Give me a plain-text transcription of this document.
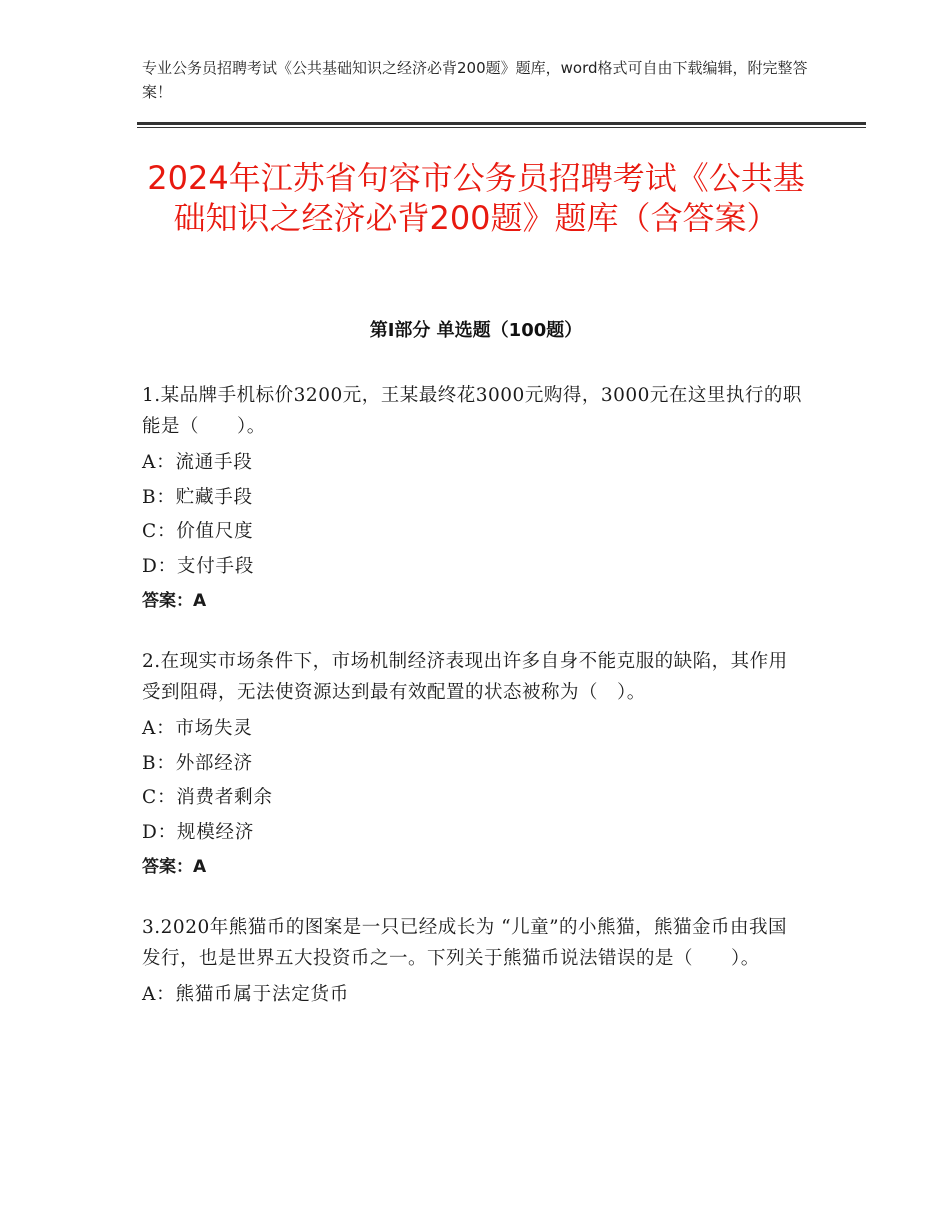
专业公务员招聘考试《公共基础知识之经济必背200题》题库，word格式可自由下载编辑，附完整答案！
2024年江苏省句容市公务员招聘考试《公共基础知识之经济必背200题》题库（含答案）
第Ⅰ部分 单选题（100题）

1.某品牌手机标价3200元，王某最终花3000元购得，3000元在这里执行的职能是（　　）。

A：流通手段
B：贮藏手段
C：价值尺度
D：支付手段
答案：A

2.在现实市场条件下，市场机制经济表现出许多自身不能克服的缺陷，其作用受到阻碍，无法使资源达到最有效配置的状态被称为（　）。

A：市场失灵
B：外部经济
C：消费者剩余
D：规模经济
答案：A

3.2020年熊猫币的图案是一只已经成长为 “儿童”的小熊猫，熊猫金币由我国发行，也是世界五大投资币之一。下列关于熊猫币说法错误的是（　　）。

A：熊猫币属于法定货币
